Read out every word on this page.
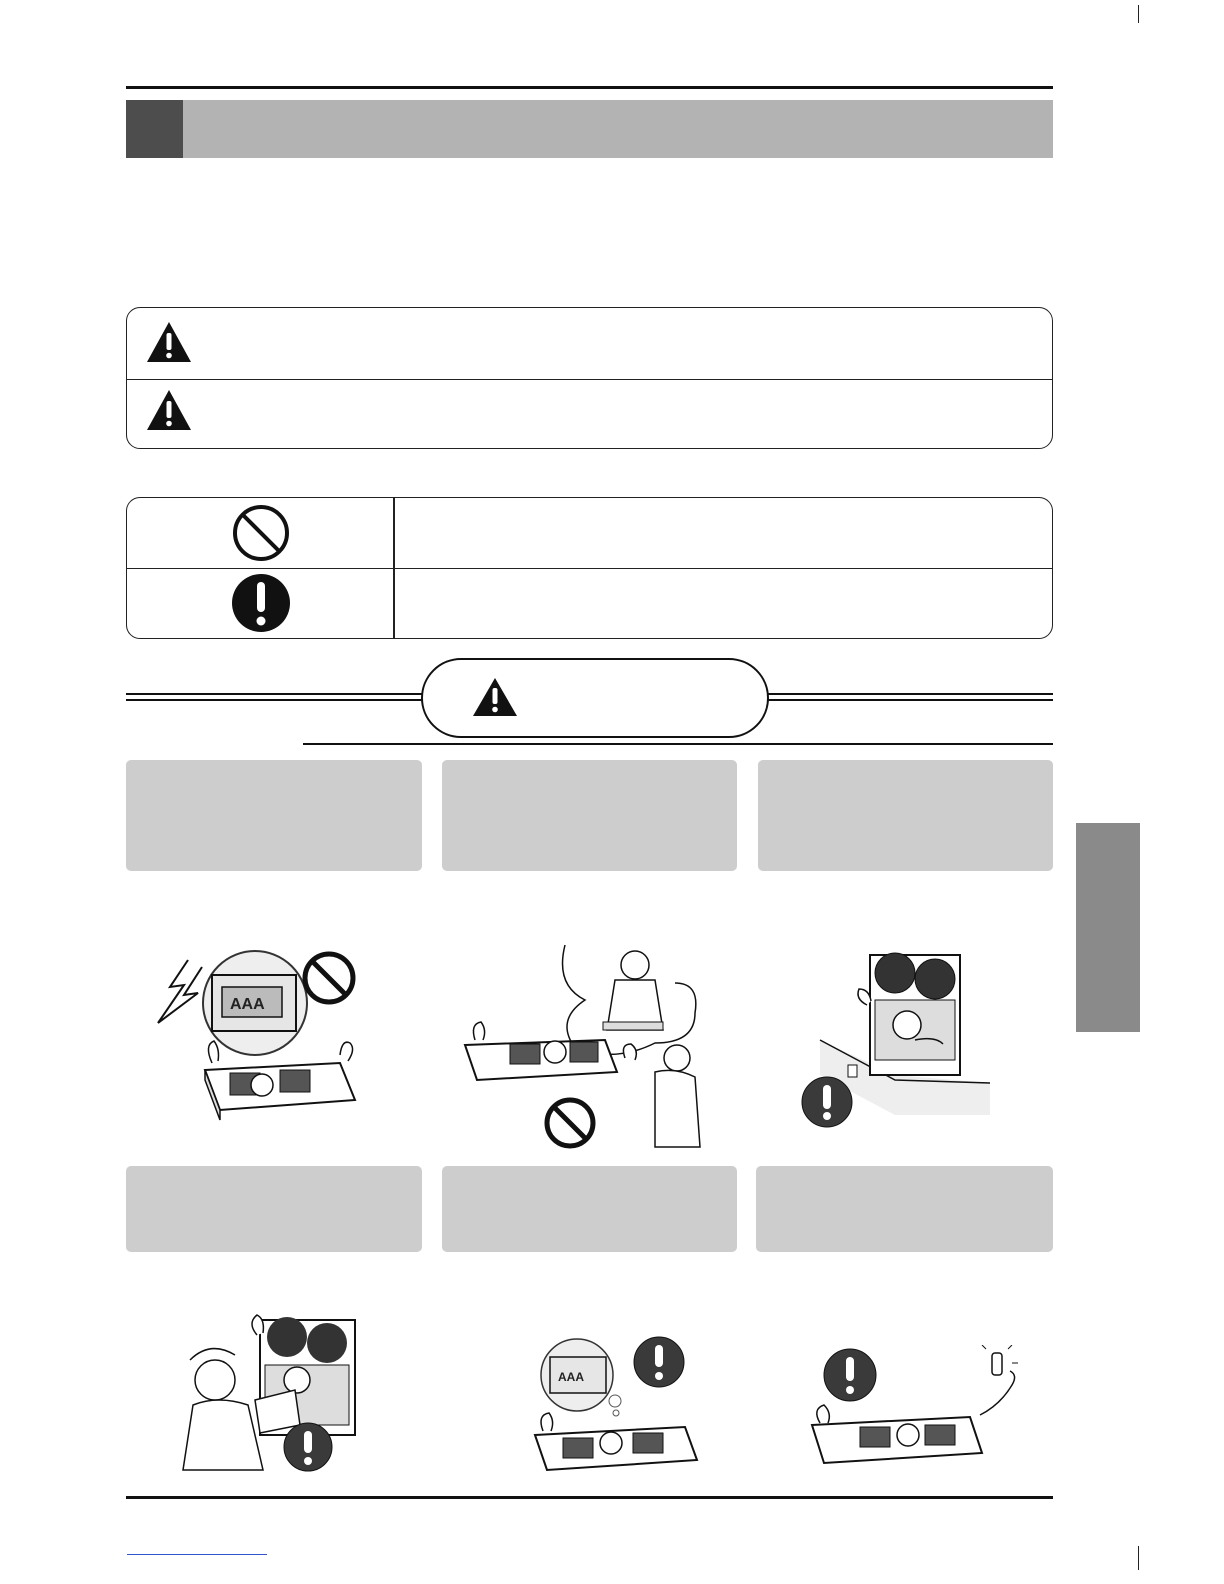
AAA
AAA
